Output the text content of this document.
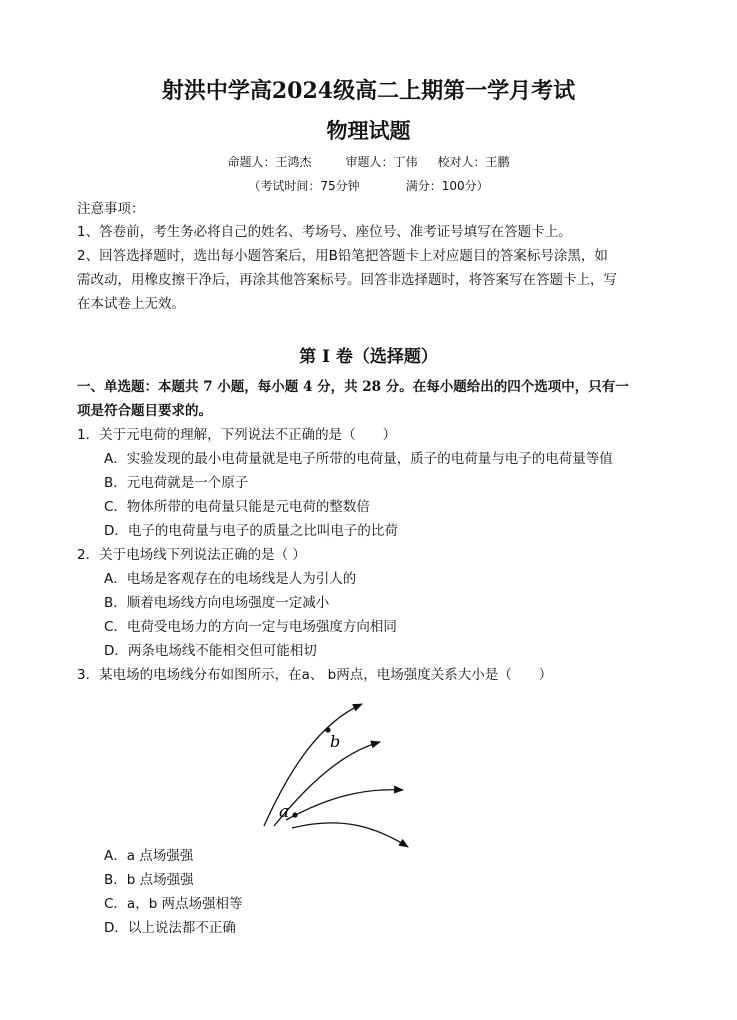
射洪中学高2024级高二上期第一学月考试
物理试题
命题人：王鸿杰	审题人：丁伟 校对人：王鹏
（考试时间：75分钟	满分：100分）
注意事项：
1、答卷前，考生务必将自己的姓名、考场号、座位号、准考证号填写在答题卡上。
2、回答选择题时，选出每小题答案后，用B铅笔把答题卡上对应题目的答案标号涂黑，如
需改动，用橡皮擦干净后，再涂其他答案标号。回答非选择题时，将答案写在答题卡上，写
在本试卷上无效。
第 I 卷（选择题）
一、单选题：本题共 7 小题，每小题 4 分，共 28 分。在每小题给出的四个选项中，只有一
项是符合题目要求的。
1．关于元电荷的理解，下列说法不正确的是（　　）
A．实验发现的最小电荷量就是电子所带的电荷量，质子的电荷量与电子的电荷量等值
B．元电荷就是一个原子
C．物体所带的电荷量只能是元电荷的整数倍
D．电子的电荷量与电子的质量之比叫电子的比荷
2．关于电场线下列说法正确的是（ ）
A．电场是客观存在的电场线是人为引人的
B．顺着电场线方向电场强度一定减小
C．电荷受电场力的方向一定与电场强度方向相同
D．两条电场线不能相交但可能相切
3．某电场的电场线分布如图所示，在a、 b两点，电场强度关系大小是（　　）
b
a
A．a 点场强强
B．b 点场强强
C．a，b 两点场强相等
D．以上说法都不正确
